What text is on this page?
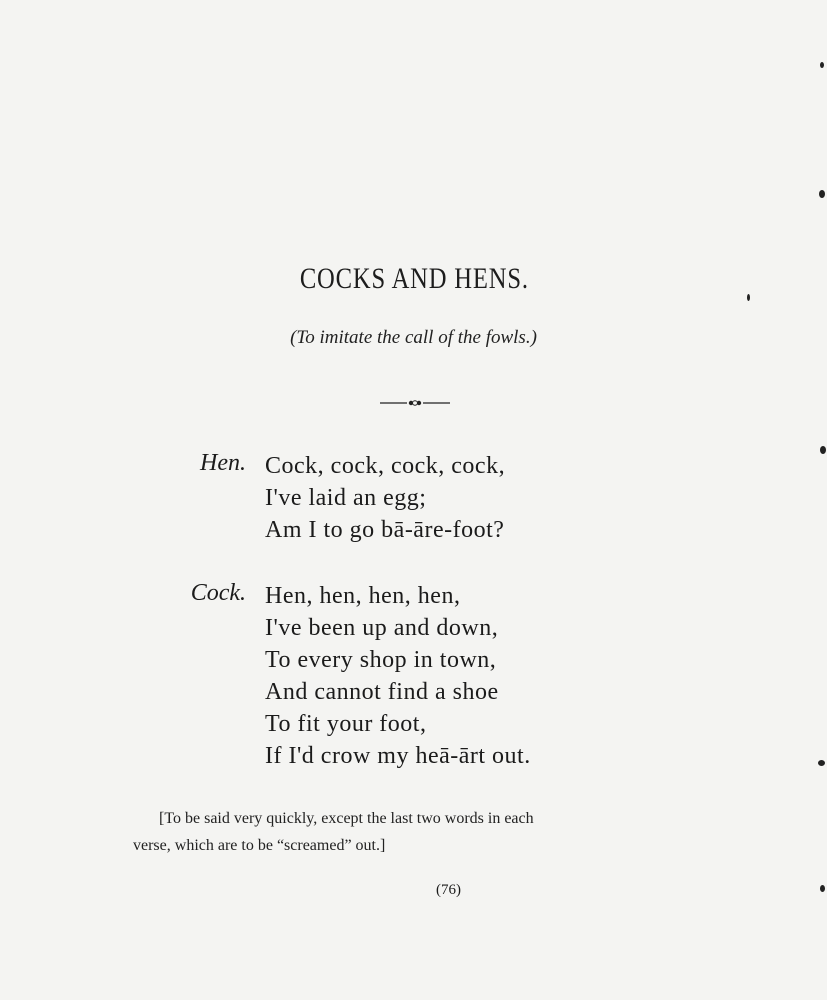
COCKS AND HENS.
(To imitate the call of the fowls.)
Hen. Cock, cock, cock, cock,
I've laid an egg;
Am I to go bā-āre-foot?
Cock. Hen, hen, hen, hen,
I've been up and down,
To every shop in town,
And cannot find a shoe
To fit your foot,
If I'd crow my heā-ārt out.
[To be said very quickly, except the last two words in each
verse, which are to be “screamed” out.]
(76)
